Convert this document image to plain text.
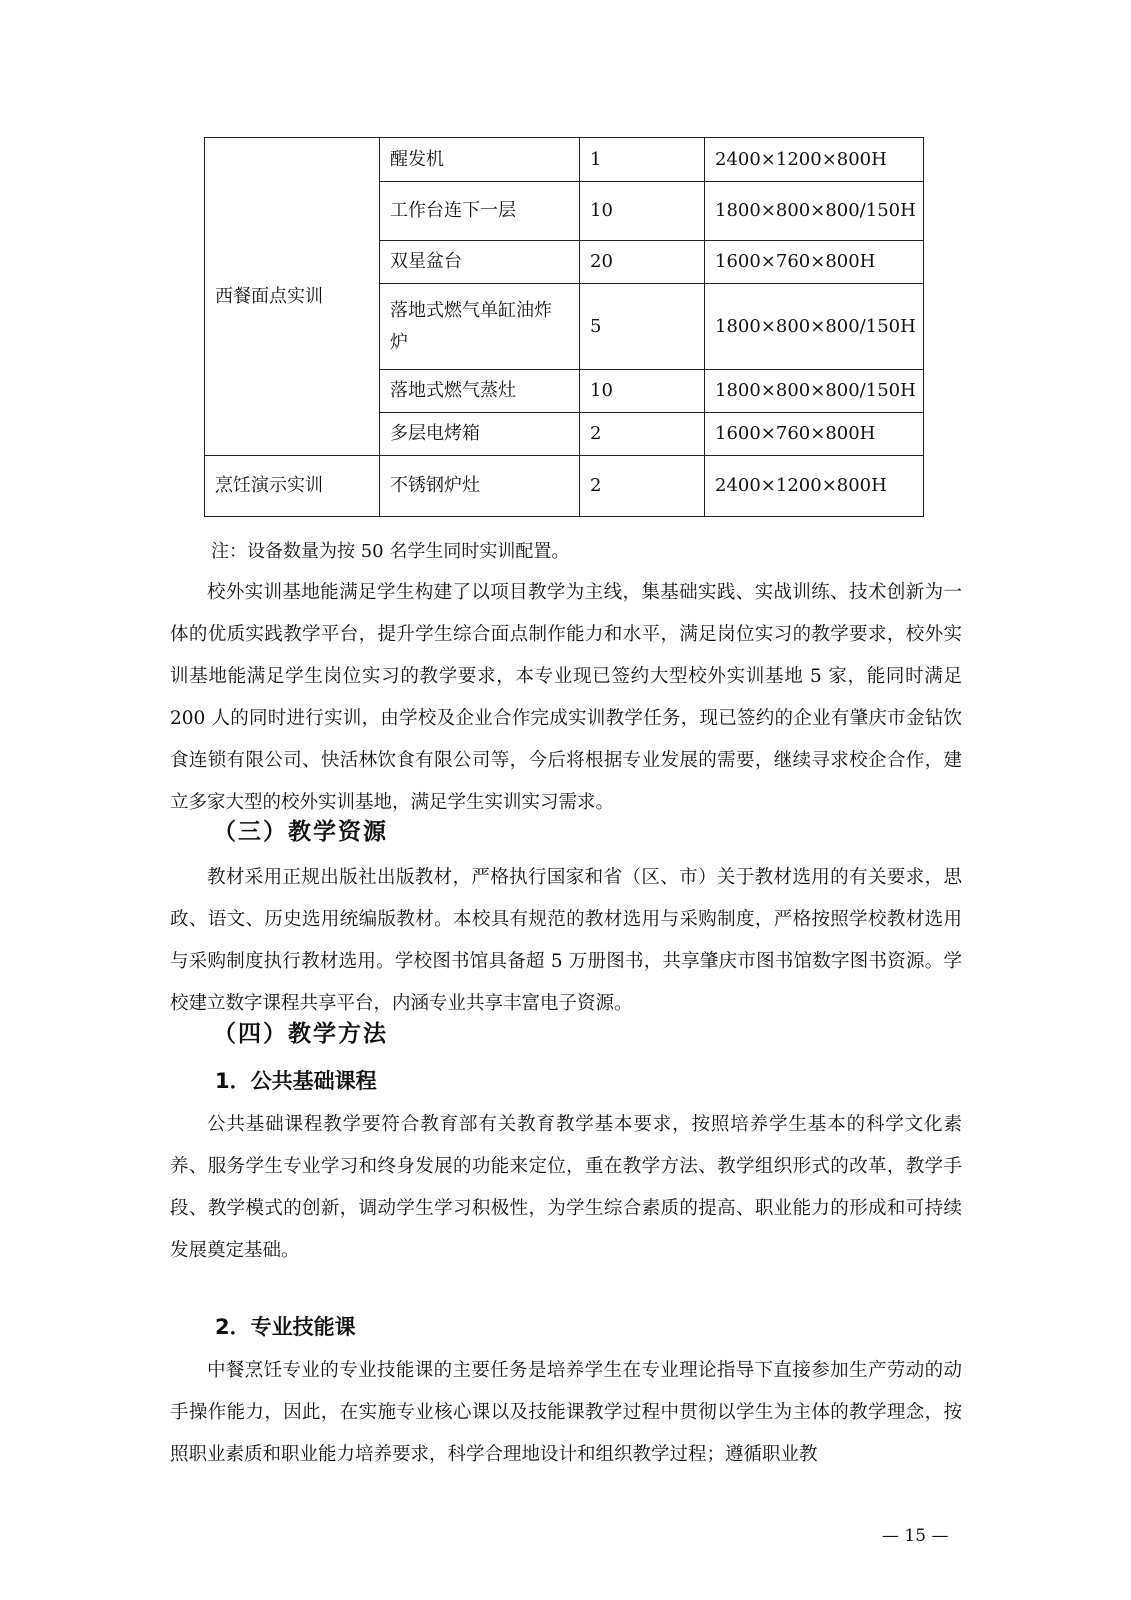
西餐面点实训	醒发机	1	2400×1200×800H
	工作台连下一层	10	1800×800×800/150H
	双星盆台	20	1600×760×800H
	落地式燃气单缸油炸炉	5	1800×800×800/150H
	落地式燃气蒸灶	10	1800×800×800/150H
	多层电烤箱	2	1600×760×800H
烹饪演示实训	不锈钢炉灶	2	2400×1200×800H
注：设备数量为按 50 名学生同时实训配置。

校外实训基地能满足学生构建了以项目教学为主线，集基础实践、实战训练、技术创新为一体的优质实践教学平台，提升学生综合面点制作能力和水平，满足岗位实习的教学要求，校外实训基地能满足学生岗位实习的教学要求，本专业现已签约大型校外实训基地 5 家，能同时满足 200 人的同时进行实训，由学校及企业合作完成实训教学任务，现已签约的企业有肇庆市金钻饮食连锁有限公司、快活林饮食有限公司等，今后将根据专业发展的需要，继续寻求校企合作，建立多家大型的校外实训基地，满足学生实训实习需求。

（三）教学资源

教材采用正规出版社出版教材，严格执行国家和省（区、市）关于教材选用的有关要求，思政、语文、历史选用统编版教材。本校具有规范的教材选用与采购制度，严格按照学校教材选用与采购制度执行教材选用。学校图书馆具备超 5 万册图书，共享肇庆市图书馆数字图书资源。学校建立数字课程共享平台，内涵专业共享丰富电子资源。

（四）教学方法
1．公共基础课程

公共基础课程教学要符合教育部有关教育教学基本要求，按照培养学生基本的科学文化素养、服务学生专业学习和终身发展的功能来定位，重在教学方法、教学组织形式的改革，教学手段、教学模式的创新，调动学生学习积极性，为学生综合素质的提高、职业能力的形成和可持续发展奠定基础。

2．专业技能课

中餐烹饪专业的专业技能课的主要任务是培养学生在专业理论指导下直接参加生产劳动的动手操作能力，因此，在实施专业核心课以及技能课教学过程中贯彻以学生为主体的教学理念，按照职业素质和职业能力培养要求，科学合理地设计和组织教学过程；遵循职业教

— 15 —
